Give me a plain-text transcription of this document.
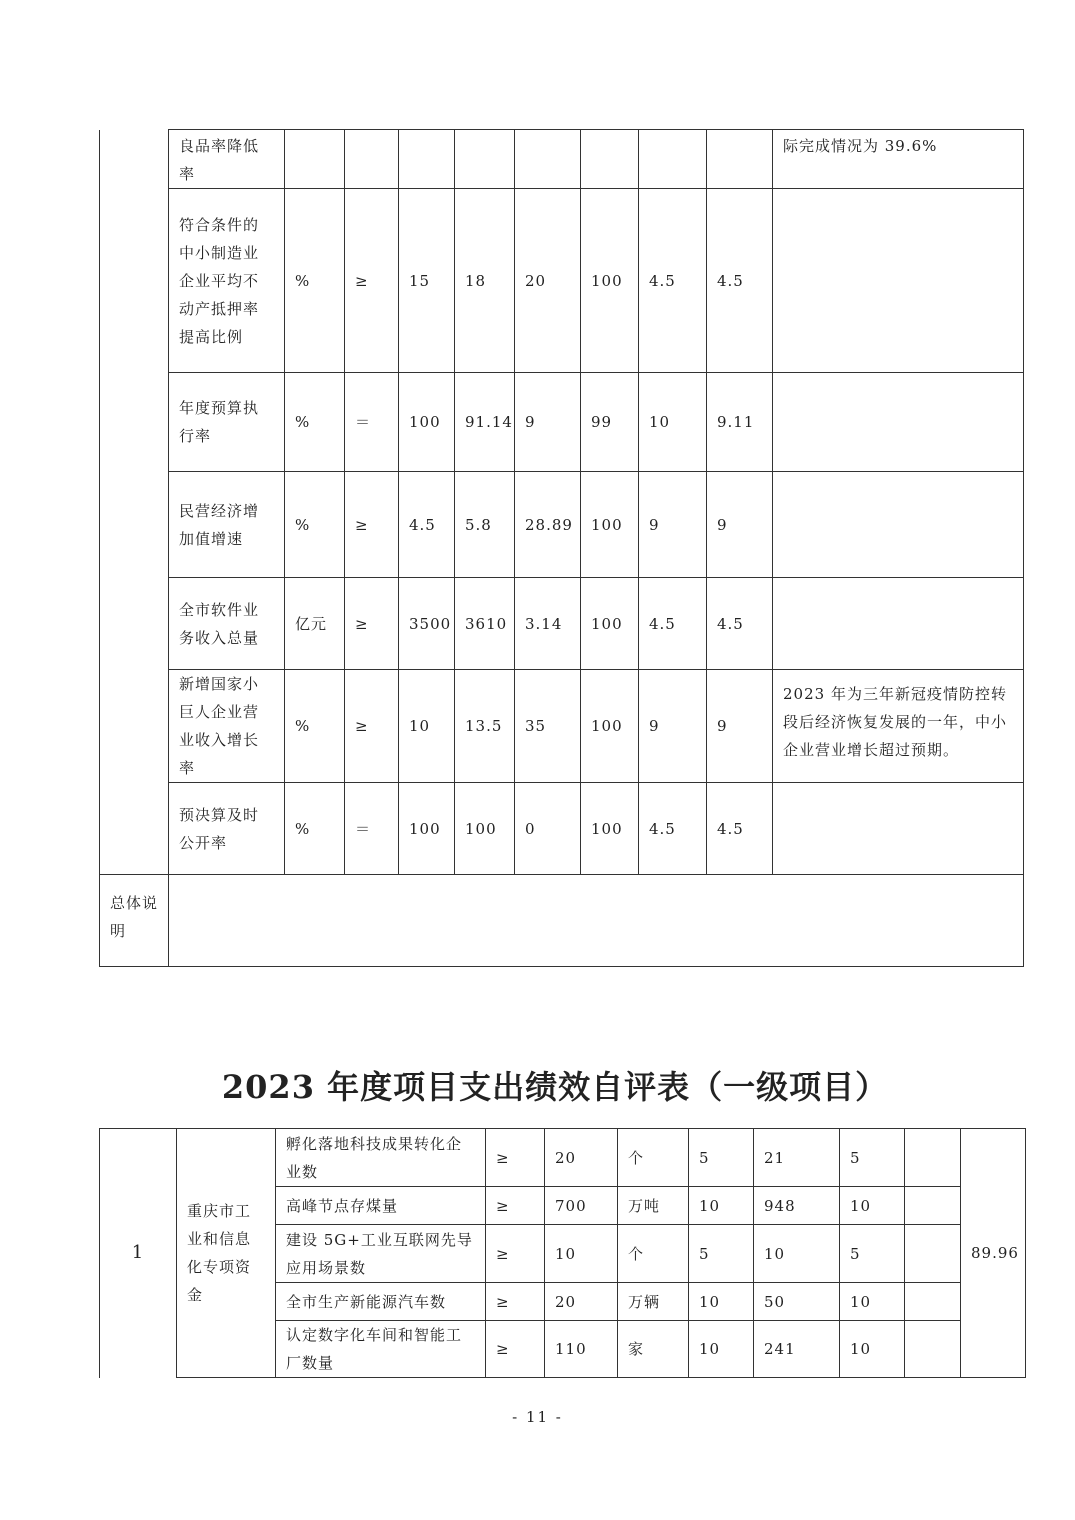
	良品率降低率									际完成情况为 39.6%
	符合条件的中小制造业企业平均不动产抵押率提高比例	%	≥	15	18	20	100	4.5	4.5	
	年度预算执行率	%	＝	100	91.14	9	99	10	9.11	
	民营经济增加值增速	%	≥	4.5	5.8	28.89	100	9	9	
	全市软件业务收入总量	亿元	≥	3500	3610	3.14	100	4.5	4.5	
	新增国家小巨人企业营业收入增长率	%	≥	10	13.5	35	100	9	9	2023 年为三年新冠疫情防控转段后经济恢复发展的一年，中小企业营业增长超过预期。
	预决算及时公开率	%	＝	100	100	0	100	4.5	4.5	
总体说明										
2023 年度项目支出绩效自评表（一级项目）
1	重庆市工业和信息化专项资金	孵化落地科技成果转化企业数	≥	20	个	5	21	5		89.96
		高峰节点存煤量	≥	700	万吨	10	948	10		
		建设 5G+工业互联网先导应用场景数	≥	10	个	5	10	5		
		全市生产新能源汽车数	≥	20	万辆	10	50	10		
		认定数字化车间和智能工厂数量	≥	110	家	10	241	10		
- 11 -
